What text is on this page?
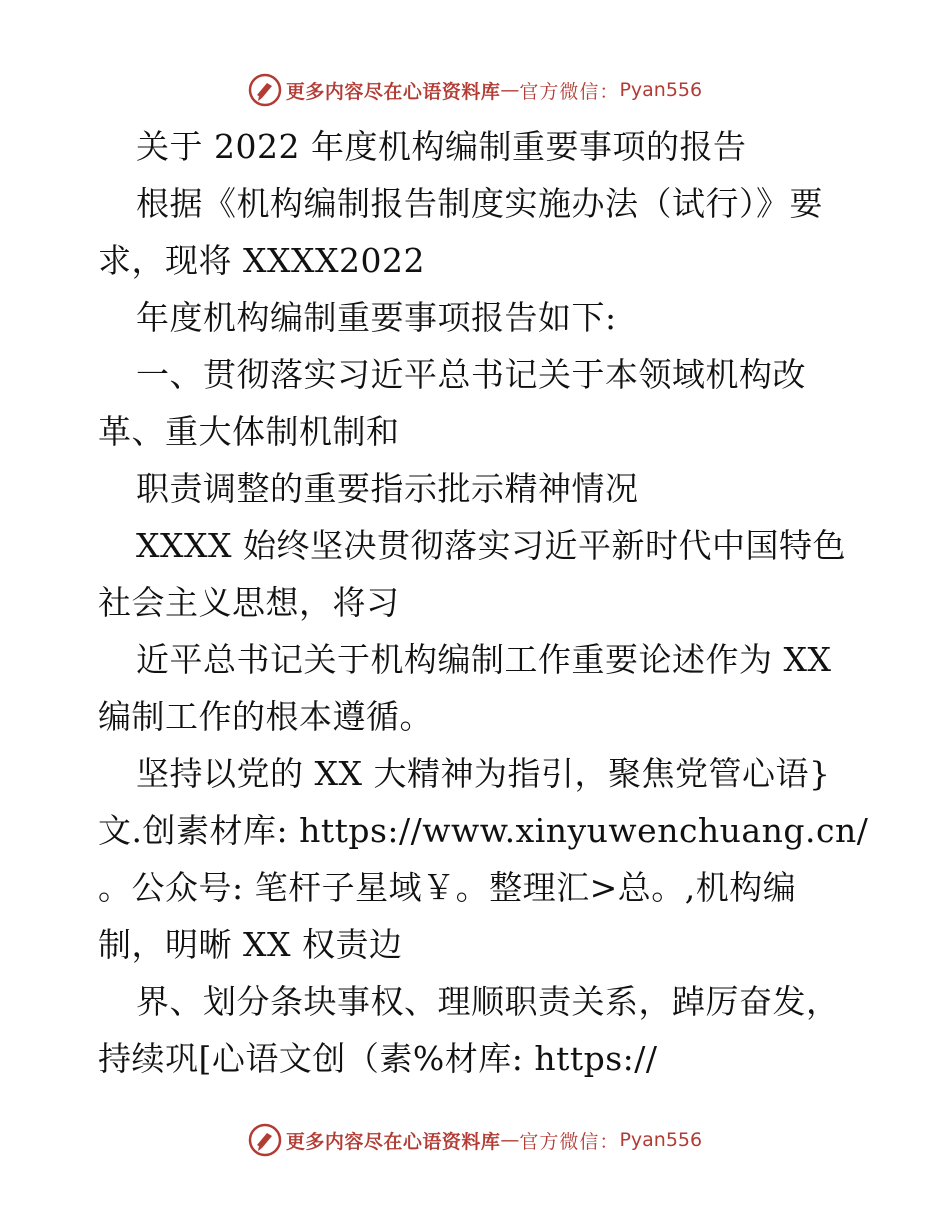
更多内容尽在心语资料库 — 官方微信： Pyan556
关于 2022 年度机构编制重要事项的报告
根据《机构编制报告制度实施办法（试行）》要
求，现将 XXXX2022
年度机构编制重要事项报告如下:
一、贯彻落实习近平总书记关于本领域机构改
革、重大体制机制和
职责调整的重要指示批示精神情况
XXXX 始终坚决贯彻落实习近平新时代中国特色
社会主义思想，将习
近平总书记关于机构编制工作重要论述作为 XX
编制工作的根本遵循。
坚持以党的 XX 大精神为指引，聚焦党管心语}
文.创素材库: https://www.xinyuwenchuang.cn/
。公众号: 笔杆子星域￥。整理汇>总。,机构编
制，明晰 XX 权责边
界、划分条块事权、理顺职责关系，踔厉奋发，
持续巩[心语文创（素%材库: https://
更多内容尽在心语资料库 — 官方微信： Pyan556
